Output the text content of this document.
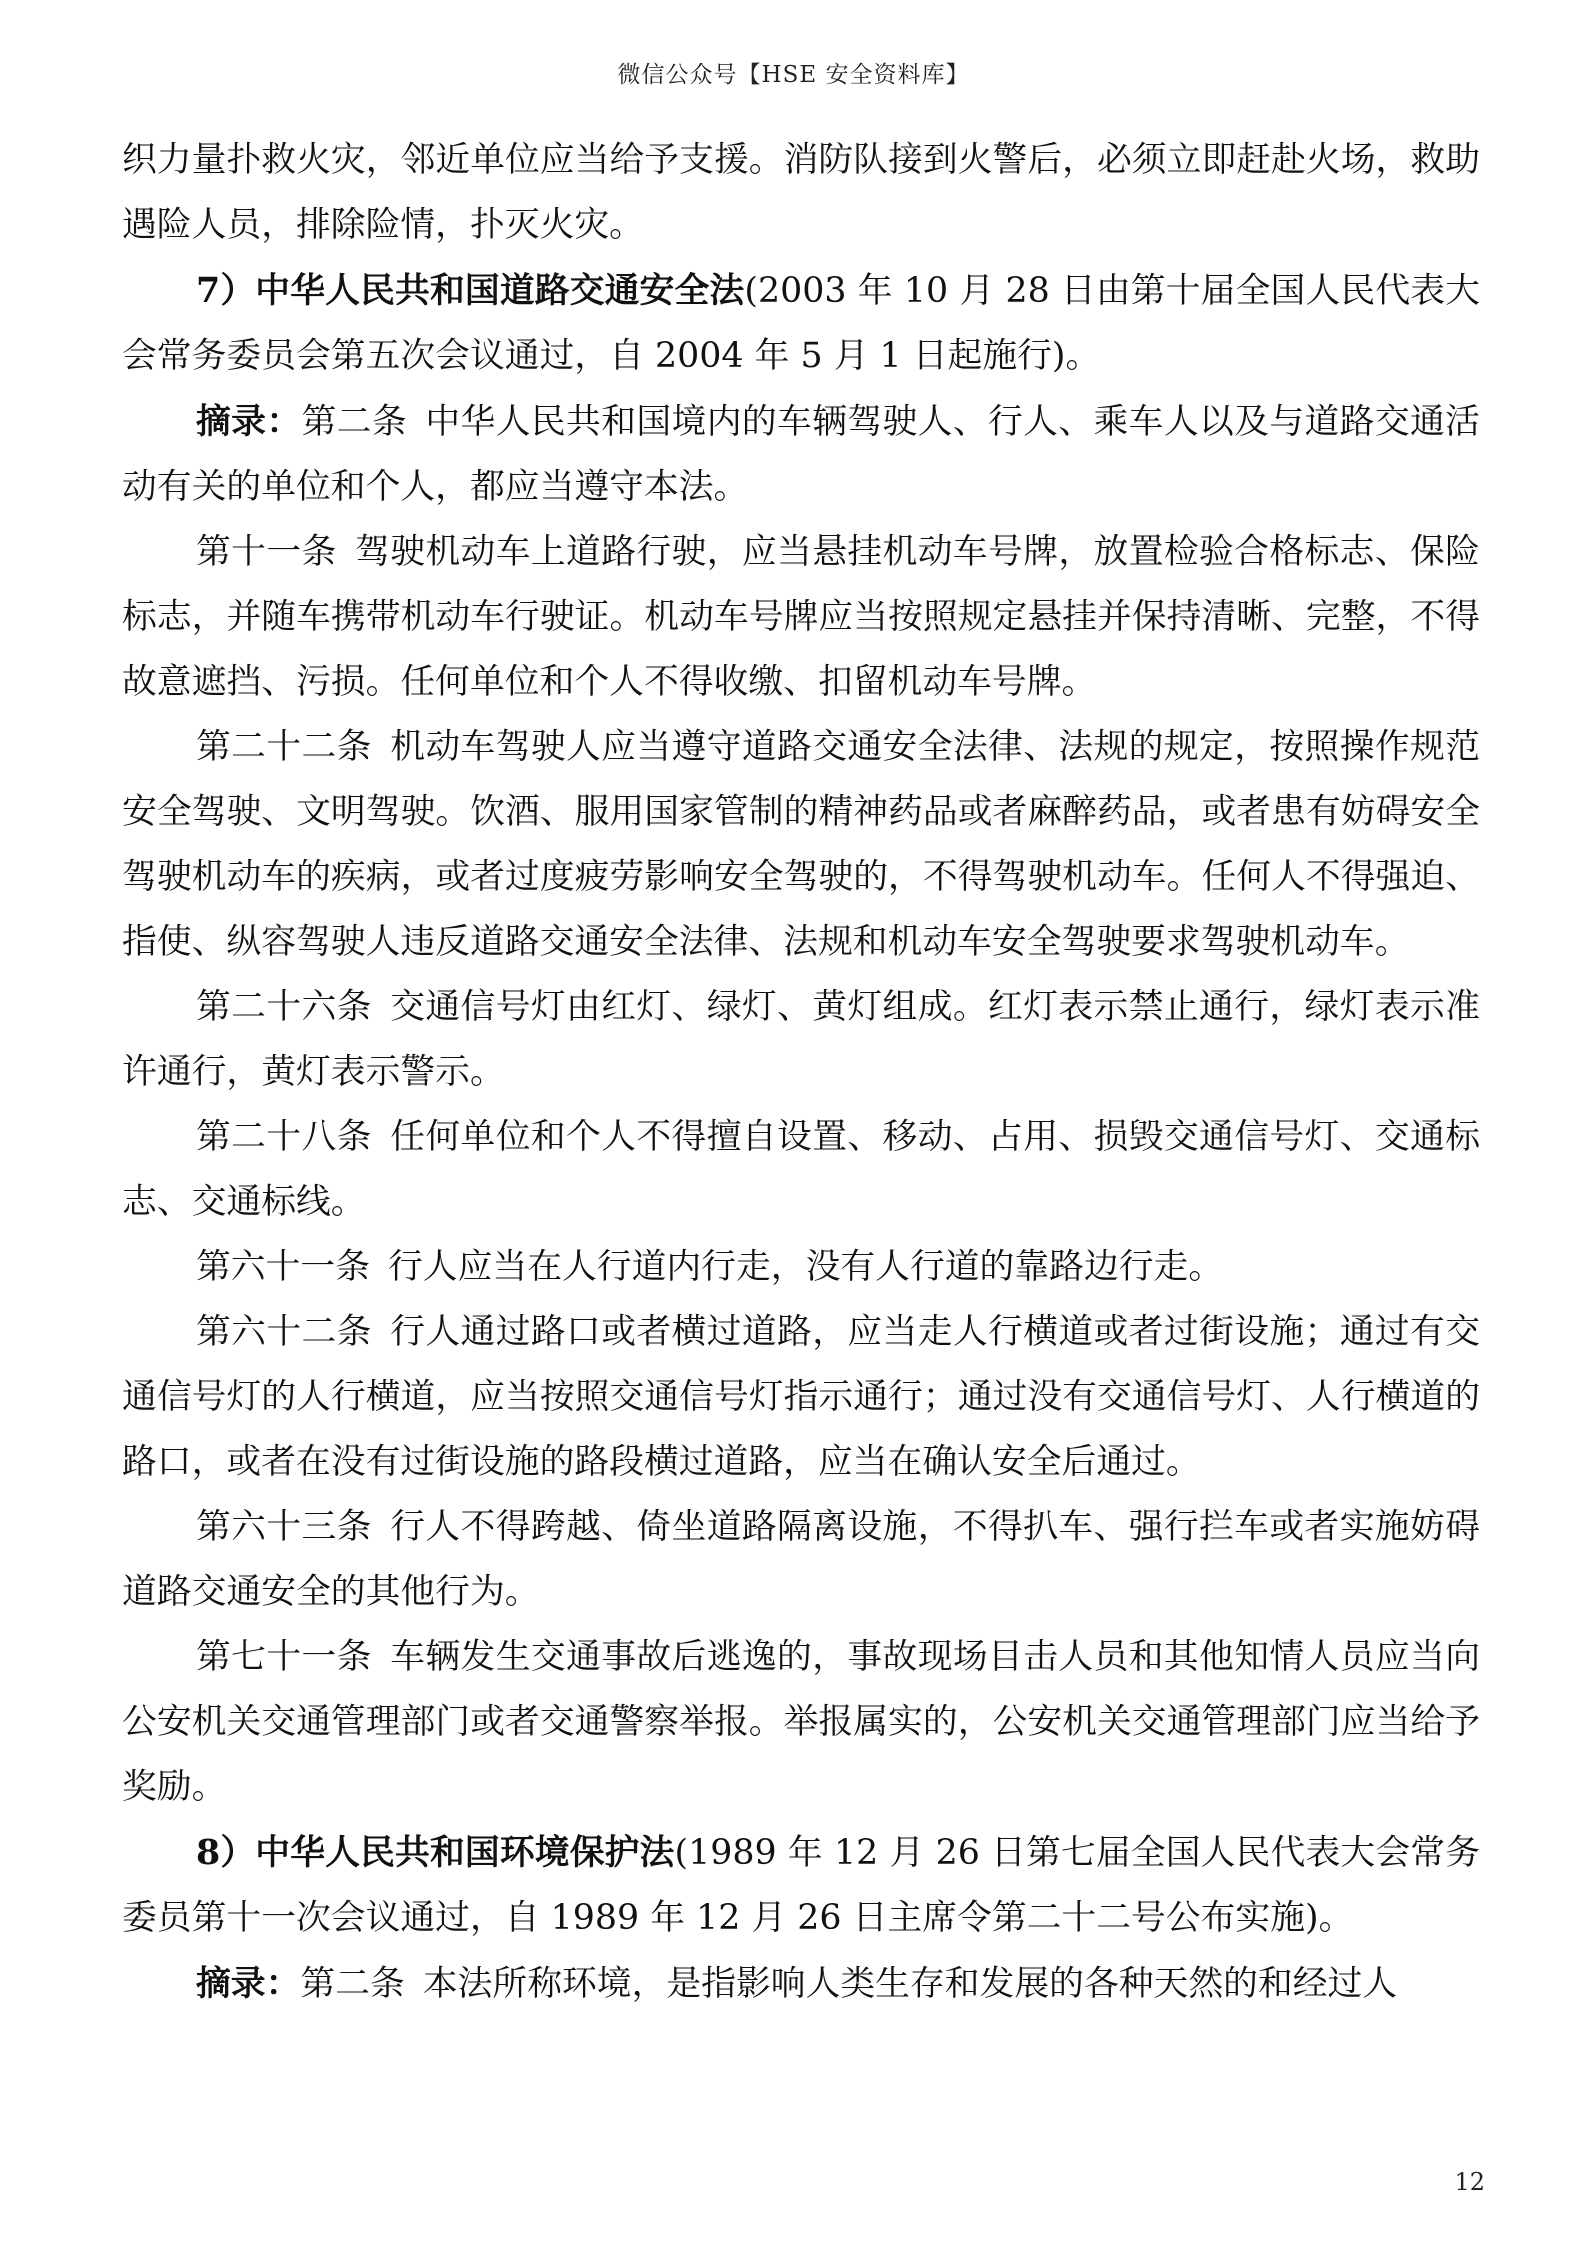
微信公众号【HSE 安全资料库】

织力量扑救火灾，邻近单位应当给予支援。消防队接到火警后，必须立即赶赴火场，救助遇险人员，排除险情，扑灭火灾。

7）中华人民共和国道路交通安全法(2003 年 10 月 28 日由第十届全国人民代表大会常务委员会第五次会议通过，自 2004 年 5 月 1 日起施行)。

摘录：第二条 中华人民共和国境内的车辆驾驶人、行人、乘车人以及与道路交通活动有关的单位和个人，都应当遵守本法。

第十一条 驾驶机动车上道路行驶，应当悬挂机动车号牌，放置检验合格标志、保险标志，并随车携带机动车行驶证。机动车号牌应当按照规定悬挂并保持清晰、完整，不得故意遮挡、污损。任何单位和个人不得收缴、扣留机动车号牌。

第二十二条 机动车驾驶人应当遵守道路交通安全法律、法规的规定，按照操作规范安全驾驶、文明驾驶。饮酒、服用国家管制的精神药品或者麻醉药品，或者患有妨碍安全驾驶机动车的疾病，或者过度疲劳影响安全驾驶的，不得驾驶机动车。任何人不得强迫、指使、纵容驾驶人违反道路交通安全法律、法规和机动车安全驾驶要求驾驶机动车。

第二十六条 交通信号灯由红灯、绿灯、黄灯组成。红灯表示禁止通行，绿灯表示准许通行，黄灯表示警示。

第二十八条 任何单位和个人不得擅自设置、移动、占用、损毁交通信号灯、交通标志、交通标线。

第六十一条 行人应当在人行道内行走，没有人行道的靠路边行走。

第六十二条 行人通过路口或者横过道路，应当走人行横道或者过街设施；通过有交通信号灯的人行横道，应当按照交通信号灯指示通行；通过没有交通信号灯、人行横道的路口，或者在没有过街设施的路段横过道路，应当在确认安全后通过。

第六十三条 行人不得跨越、倚坐道路隔离设施，不得扒车、强行拦车或者实施妨碍道路交通安全的其他行为。

第七十一条 车辆发生交通事故后逃逸的，事故现场目击人员和其他知情人员应当向公安机关交通管理部门或者交通警察举报。举报属实的，公安机关交通管理部门应当给予奖励。

8）中华人民共和国环境保护法(1989 年 12 月 26 日第七届全国人民代表大会常务委员第十一次会议通过，自 1989 年 12 月 26 日主席令第二十二号公布实施)。

摘录：第二条 本法所称环境，是指影响人类生存和发展的各种天然的和经过人

12
